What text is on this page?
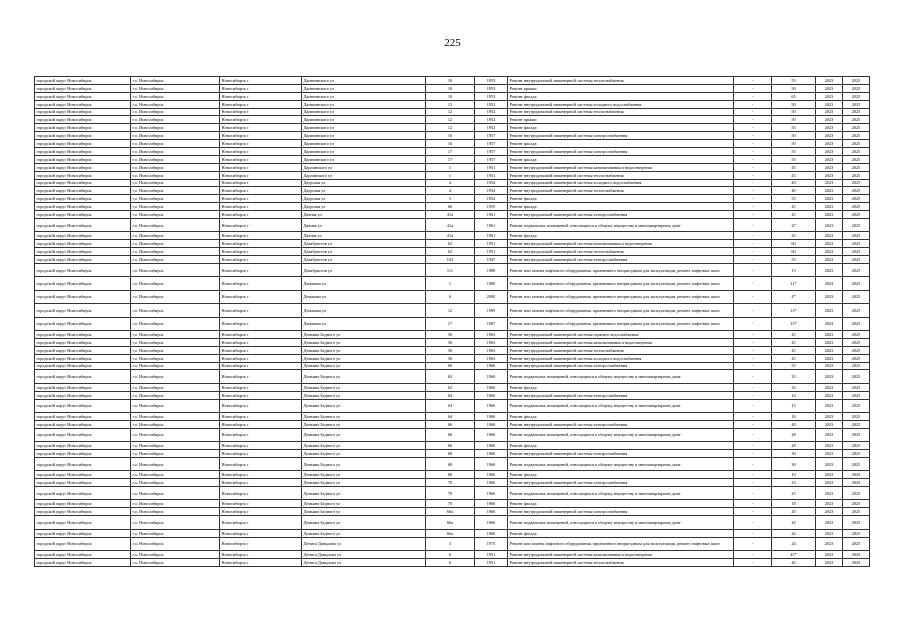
225
городской округ Новосибирск	г.о. Новосибирск	Новосибирск г	Даначинского ул	10	1953	Ремонт внутридомовой инженерной системы теплоснабжения	-	55	2023	2025
городской округ Новосибирск	г.о. Новосибирск	Новосибирск г	Даначинского ул	10	1953	Ремонт крыши	-	50	2023	2025
городской округ Новосибирск	г.о. Новосибирск	Новосибирск г	Даначинского ул	10	1953	Ремонт фасада	-	65	2023	2025
городской округ Новосибирск	г.о. Новосибирск	Новосибирск г	Даначинского ул	12	1952	Ремонт внутридомовой инженерной системы холодного водоснабжения	-	50	2023	2025
городской округ Новосибирск	г.о. Новосибирск	Новосибирск г	Даначинского ул	12	1952	Ремонт внутридомовой инженерной системы теплоснабжения	-	50	2023	2025
городской округ Новосибирск	г.о. Новосибирск	Новосибирск г	Даначинского ул	12	1952	Ремонт крыши	-	50	2023	2025
городской округ Новосибирск	г.о. Новосибирск	Новосибирск г	Даначинского ул	12	1952	Ремонт фасада	-	55	2023	2025
городской округ Новосибирск	г.о. Новосибирск	Новосибирск г	Даначинского ул	16	1957	Ремонт внутридомовой инженерной системы электроснабжения	-	50	2023	2025
городской округ Новосибирск	г.о. Новосибирск	Новосибирск г	Даначинского ул	16	1957	Ремонт фасада	-	50	2023	2025
городской округ Новосибирск	г.о. Новосибирск	Новосибирск г	Даначинского ул	17	1957	Ремонт внутридомовой инженерной системы электроснабжения	-	55	2023	2025
городской округ Новосибирск	г.о. Новосибирск	Новосибирск г	Даначинского ул	17	1957	Ремонт фасада	-	55	2023	2025
городской округ Новосибирск	г.о. Новосибирск	Новосибирск г	Дарлинского ул	1	1951	Ремонт внутридомовой инженерной системы канализования и водоотведения	-	45	2023	2025
городской округ Новосибирск	г.о. Новосибирск	Новосибирск г	Дарлинского ул	1	1951	Ремонт внутридомовой инженерной системы теплоснабжения	-	45	2023	2025
городской округ Новосибирск	г.о. Новосибирск	Новосибирск г	Даурская ул	4	1954	Ремонт внутридомовой инженерной системы холодного водоснабжения	-	40	2023	2025
городской округ Новосибирск	г.о. Новосибирск	Новосибирск г	Даурская ул	4	1954	Ремонт внутридомовой инженерной системы теплоснабжения	-	40	2023	2025
городской округ Новосибирск	г.о. Новосибирск	Новосибирск г	Даурская ул	5	1952	Ремонт фасада	-	55	2023	2025
городской округ Новосибирск	г.о. Новосибирск	Новосибирск г	Даурская ул	6б	1955	Ремонт фасада	-	45	2023	2025
городской округ Новосибирск	г.о. Новосибирск	Новосибирск г	Дачная ул	41а	1961	Ремонт внутридомовой инженерной системы электроснабжения	-	45	2023	2025
городской округ Новосибирск	г.о. Новосибирск	Новосибирск г	Дачная ул	41а	1961	Ремонт подвальных помещений, относящихся к общему имуществу в многоквартирном доме	-	27	2023	2025
городской округ Новосибирск	г.о. Новосибирск	Новосибирск г	Дачная ул	41а	1961	Ремонт фасада	-	25	2023	2025
городской округ Новосибирск	г.о. Новосибирск	Новосибирск г	Декабристов ул	62	1951	Ремонт внутридомовой инженерной системы канализования и водоотведения	-	60	2023	2025
городской округ Новосибирск	г.о. Новосибирск	Новосибирск г	Декабристов ул	62	1951	Ремонт внутридомовой инженерной системы теплоснабжения	-	60	2023	2025
городской округ Новосибирск	г.о. Новосибирск	Новосибирск г	Декабристов ул	103	1947	Ремонт внутридомовой инженерной системы электроснабжения	-	55	2023	2025
городской округ Новосибирск	г.о. Новосибирск	Новосибирск г	Декабристов ул	111	1988	Ремонт или замена лифтового оборудования, признанного непригодным для эксплуатации, ремонт лифтовых шахт	-	13	2023	2025
городской округ Новосибирск	г.о. Новосибирск	Новосибирск г	Демакова ул	1	1980	Ремонт или замена лифтового оборудования, признанного непригодным для эксплуатации, ремонт лифтовых шахт	-	11*	2023	2025
городской округ Новосибирск	г.о. Новосибирск	Новосибирск г	Демакова ул	6	2000	Ремонт или замена лифтового оборудования, признанного непригодным для эксплуатации, ремонт лифтовых шахт	-	4*	2023	2025
городской округ Новосибирск	г.о. Новосибирск	Новосибирск г	Демакова ул	12	1989	Ремонт или замена лифтового оборудования, признанного непригодным для эксплуатации, ремонт лифтовых шахт	-	13*	2023	2025
городской округ Новосибирск	г.о. Новосибирск	Новосибирск г	Демакова ул	17	1987	Ремонт или замена лифтового оборудования, признанного непригодным для эксплуатации, ремонт лифтовых шахт	-	13*	2023	2025
городской округ Новосибирск	г.о. Новосибирск	Новосибирск г	Демьяна Бедного ул	56	1963	Ремонт внутридомовой инженерной системы горячего водоснабжения	-	45	2023	2025
городской округ Новосибирск	г.о. Новосибирск	Новосибирск г	Демьяна Бедного ул	56	1963	Ремонт внутридомовой инженерной системы канализования и водоотведения	-	45	2023	2025
городской округ Новосибирск	г.о. Новосибирск	Новосибирск г	Демьяна Бедного ул	56	1963	Ремонт внутридомовой инженерной системы теплоснабжения	-	45	2023	2025
городской округ Новосибирск	г.о. Новосибирск	Новосибирск г	Демьяна Бедного ул	56	1963	Ремонт внутридомовой инженерной системы холодного водоснабжения	-	45	2023	2025
городской округ Новосибирск	г.о. Новосибирск	Новосибирск г	Демьяна Бедного ул	60	1966	Ремонт внутридомовой инженерной системы электроснабжения	-	55	2023	2025
городской округ Новосибирск	г.о. Новосибирск	Новосибирск г	Демьяна Бедного ул	62	1966	Ремонт подвальных помещений, относящихся к общему имуществу в многоквартирном доме	-	35	2023	2025
городской округ Новосибирск	г.о. Новосибирск	Новосибирск г	Демьяна Бедного ул	62	1966	Ремонт фасада	-	35	2023	2025
городской округ Новосибирск	г.о. Новосибирск	Новосибирск г	Демьяна Бедного ул	64	1966	Ремонт внутридомовой инженерной системы электроснабжения	-	16	2023	2025
городской округ Новосибирск	г.о. Новосибирск	Новосибирск г	Демьяна Бедного ул	64	1966	Ремонт подвальных помещений, относящихся к общему имуществу в многоквартирном доме	-	15	2023	2025
городской округ Новосибирск	г.о. Новосибирск	Новосибирск г	Демьяна Бедного ул	64	1966	Ремонт фасада	-	16	2023	2025
городской округ Новосибирск	г.о. Новосибирск	Новосибирск г	Демьяна Бедного ул	66	1966	Ремонт внутридомовой инженерной системы электроснабжения	-	40	2023	2025
городской округ Новосибирск	г.о. Новосибирск	Новосибирск г	Демьяна Бедного ул	66	1966	Ремонт подвальных помещений, относящихся к общему имуществу в многоквартирном доме	-	28	2023	2025
городской округ Новосибирск	г.о. Новосибирск	Новосибирск г	Демьяна Бедного ул	66	1966	Ремонт фасада	-	28	2023	2025
городской округ Новосибирск	г.о. Новосибирск	Новосибирск г	Демьяна Бедного ул	68	1966	Ремонт внутридомовой инженерной системы электроснабжения	-	30	2023	2025
городской округ Новосибирск	г.о. Новосибирск	Новосибирск г	Демьяна Бедного ул	68	1966	Ремонт подвальных помещений, относящихся к общему имуществу в многоквартирном доме	-	30	2023	2025
городской округ Новосибирск	г.о. Новосибирск	Новосибирск г	Демьяна Бедного ул	68	1966	Ремонт фасада	-	10	2023	2025
городской округ Новосибирск	г.о. Новосибирск	Новосибирск г	Демьяна Бедного ул	70	1966	Ремонт внутридомовой инженерной системы электроснабжения	-	25	2023	2025
городской округ Новосибирск	г.о. Новосибирск	Новосибирск г	Демьяна Бедного ул	70	1966	Ремонт подвальных помещений, относящихся к общему имуществу в многоквартирном доме	-	25	2023	2025
городской округ Новосибирск	г.о. Новосибирск	Новосибирск г	Демьяна Бедного ул	70	1966	Ремонт фасада	-	18	2023	2025
городской округ Новосибирск	г.о. Новосибирск	Новосибирск г	Демьяна Бедного ул	66а	1966	Ремонт внутридомовой инженерной системы электроснабжения	-	20	2023	2025
городской округ Новосибирск	г.о. Новосибирск	Новосибирск г	Демьяна Бедного ул	66а	1966	Ремонт подвальных помещений, относящихся к общему имуществу в многоквартирном доме	-	20	2023	2025
городской округ Новосибирск	г.о. Новосибирск	Новосибирск г	Демьяна Бедного ул	66а	1966	Ремонт фасада	-	26	2023	2025
городской округ Новосибирск	г.о. Новосибирск	Новосибирск г	Дениса Давыдова ул	3	1975	Ремонт или замена лифтового оборудования, признанного непригодным для эксплуатации, ремонт лифтовых шахт	-	24	2023	2025
городской округ Новосибирск	г.о. Новосибирск	Новосибирск г	Дениса Давыдова ул	6	1951	Ремонт внутридомовой инженерной системы канализования и водоотведения	-	45*	2023	2025
городской округ Новосибирск	г.о. Новосибирск	Новосибирск г	Дениса Давыдова ул	6	1951	Ремонт внутридомовой инженерной системы теплоснабжения	-	40	2023	2025
